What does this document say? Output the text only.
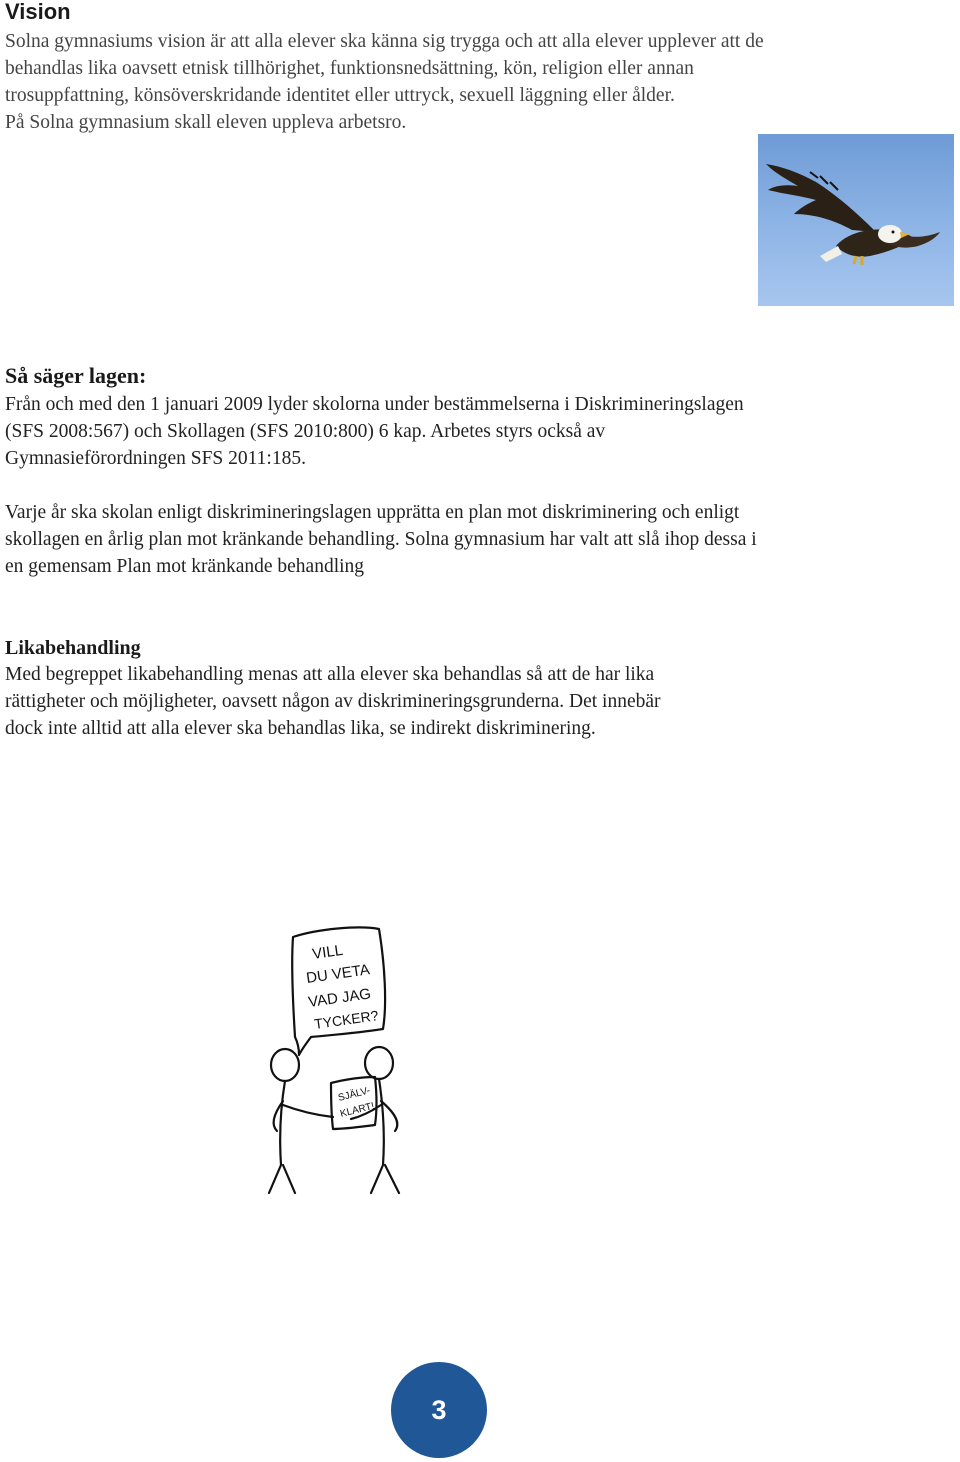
Vision
Solna gymnasiums vision är att alla elever ska känna sig trygga och att alla elever upplever att de
behandlas lika oavsett etnisk tillhörighet, funktionsnedsättning, kön, religion eller annan
trosuppfattning, könsöverskridande identitet eller uttryck, sexuell läggning eller ålder.
På Solna gymnasium skall eleven uppleva arbetsro.
Så säger lagen:
Från och med den 1 januari 2009 lyder skolorna under bestämmelserna i Diskrimineringslagen
(SFS 2008:567) och Skollagen (SFS 2010:800) 6 kap. Arbetes styrs också av
Gymnasieförordningen SFS 2011:185.
Varje år ska skolan enligt diskrimineringslagen upprätta en plan mot diskriminering och enligt
skollagen en årlig plan mot kränkande behandling. Solna gymnasium har valt att slå ihop dessa i
en gemensam Plan mot kränkande behandling
Likabehandling
Med begreppet likabehandling menas att alla elever ska behandlas så att de har lika
rättigheter och möjligheter, oavsett någon av diskrimineringsgrunderna. Det innebär
dock inte alltid att alla elever ska behandlas lika, se indirekt diskriminering.
VILL
DU VETA
VAD JAG
TYCKER?
SJÄLV-
KLART!
3
